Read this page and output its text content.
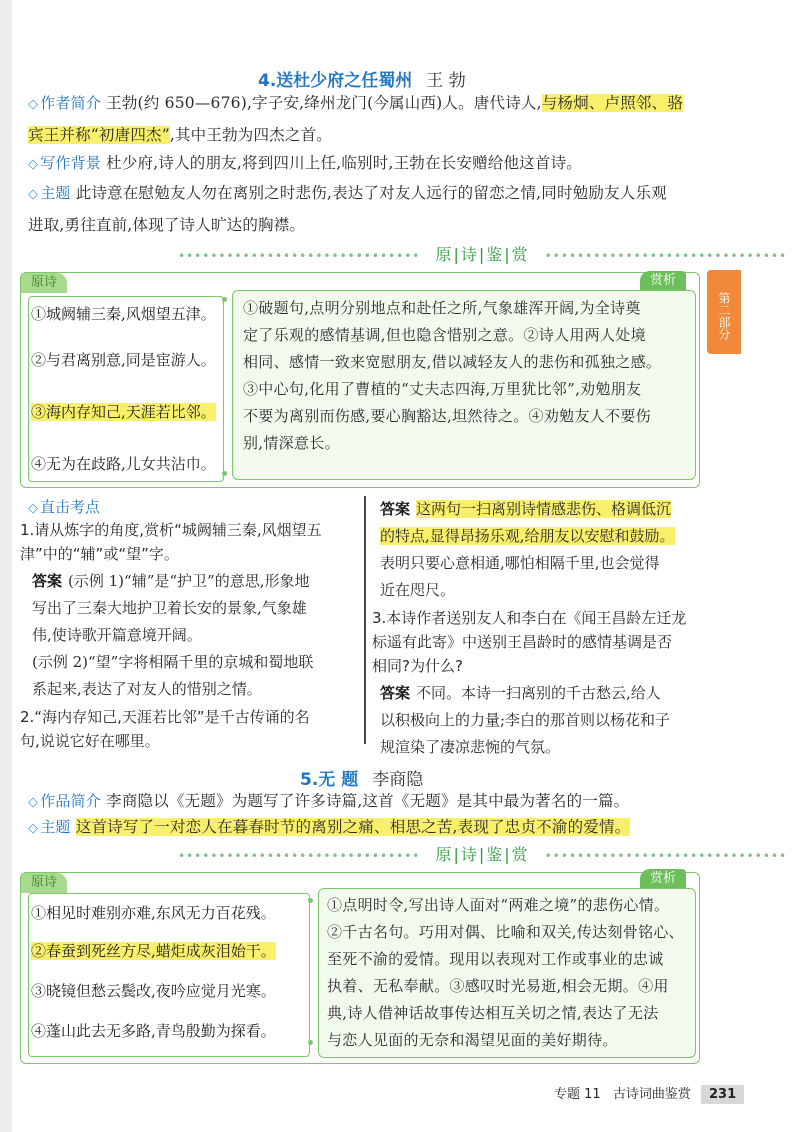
4.送杜少府之任蜀州 王 勃
◇ 作者简介 王勃(约 650—676),字子安,绛州龙门(今属山西)人。唐代诗人,与杨炯、卢照邻、骆
宾王并称“初唐四杰”,其中王勃为四杰之首。
◇ 写作背景 杜少府,诗人的朋友,将到四川上任,临别时,王勃在长安赠给他这首诗。
◇ 主题 此诗意在慰勉友人勿在离别之时悲伤,表达了对友人远行的留恋之情,同时勉励友人乐观
进取,勇往直前,体现了诗人旷达的胸襟。
•••••••••••••••••••••••••••••• 原|诗|鉴|赏 ••••••••••••••••••••••••••••••
原诗	赏析
①城阙辅三秦,风烟望五津。
②与君离别意,同是宦游人。
③海内存知己,天涯若比邻。
④无为在歧路,儿女共沾巾。
①破题句,点明分别地点和赴任之所,气象雄浑开阔,为全诗奠
定了乐观的感情基调,但也隐含惜别之意。②诗人用两人处境
相同、感情一致来宽慰朋友,借以减轻友人的悲伤和孤独之感。
③中心句,化用了曹植的“丈夫志四海,万里犹比邻”,劝勉朋友
不要为离别而伤感,要心胸豁达,坦然待之。④劝勉友人不要伤
别,情深意长。
◇ 直击考点
1.请从炼字的角度,赏析“城阙辅三秦,风烟望五
津”中的“辅”或“望”字。
答案 (示例 1)“辅”是“护卫”的意思,形象地
写出了三秦大地护卫着长安的景象,气象雄
伟,使诗歌开篇意境开阔。
(示例 2)“望”字将相隔千里的京城和蜀地联
系起来,表达了对友人的惜别之情。
2.“海内存知己,天涯若比邻”是千古传诵的名
句,说说它好在哪里。
答案 这两句一扫离别诗情感悲伤、格调低沉
的特点,显得昂扬乐观,给朋友以安慰和鼓励。
表明只要心意相通,哪怕相隔千里,也会觉得
近在咫尺。
3.本诗作者送别友人和李白在《闻王昌龄左迁龙
标遥有此寄》中送别王昌龄时的感情基调是否
相同?为什么?
答案 不同。本诗一扫离别的千古愁云,给人
以积极向上的力量;李白的那首则以杨花和子
规渲染了凄凉悲惋的气氛。
5.无 题 李商隐
◇ 作品简介 李商隐以《无题》为题写了许多诗篇,这首《无题》是其中最为著名的一篇。
◇ 主题 这首诗写了一对恋人在暮春时节的离别之痛、相思之苦,表现了忠贞不渝的爱情。
•••••••••••••••••••••••••••••• 原|诗|鉴|赏 ••••••••••••••••••••••••••••••
原诗	赏析
①相见时难别亦难,东风无力百花残。
②春蚕到死丝方尽,蜡炬成灰泪始干。
③晓镜但愁云鬓改,夜吟应觉月光寒。
④蓬山此去无多路,青鸟殷勤为探看。
①点明时令,写出诗人面对“两难之境”的悲伤心情。
②千古名句。巧用对偶、比喻和双关,传达刻骨铭心、
至死不渝的爱情。现用以表现对工作或事业的忠诚
执着、无私奉献。③感叹时光易逝,相会无期。④用
典,诗人借神话故事传达相互关切之情,表达了无法
与恋人见面的无奈和渴望见面的美好期待。
第二部分
专题 11 古诗词曲鉴赏 231
